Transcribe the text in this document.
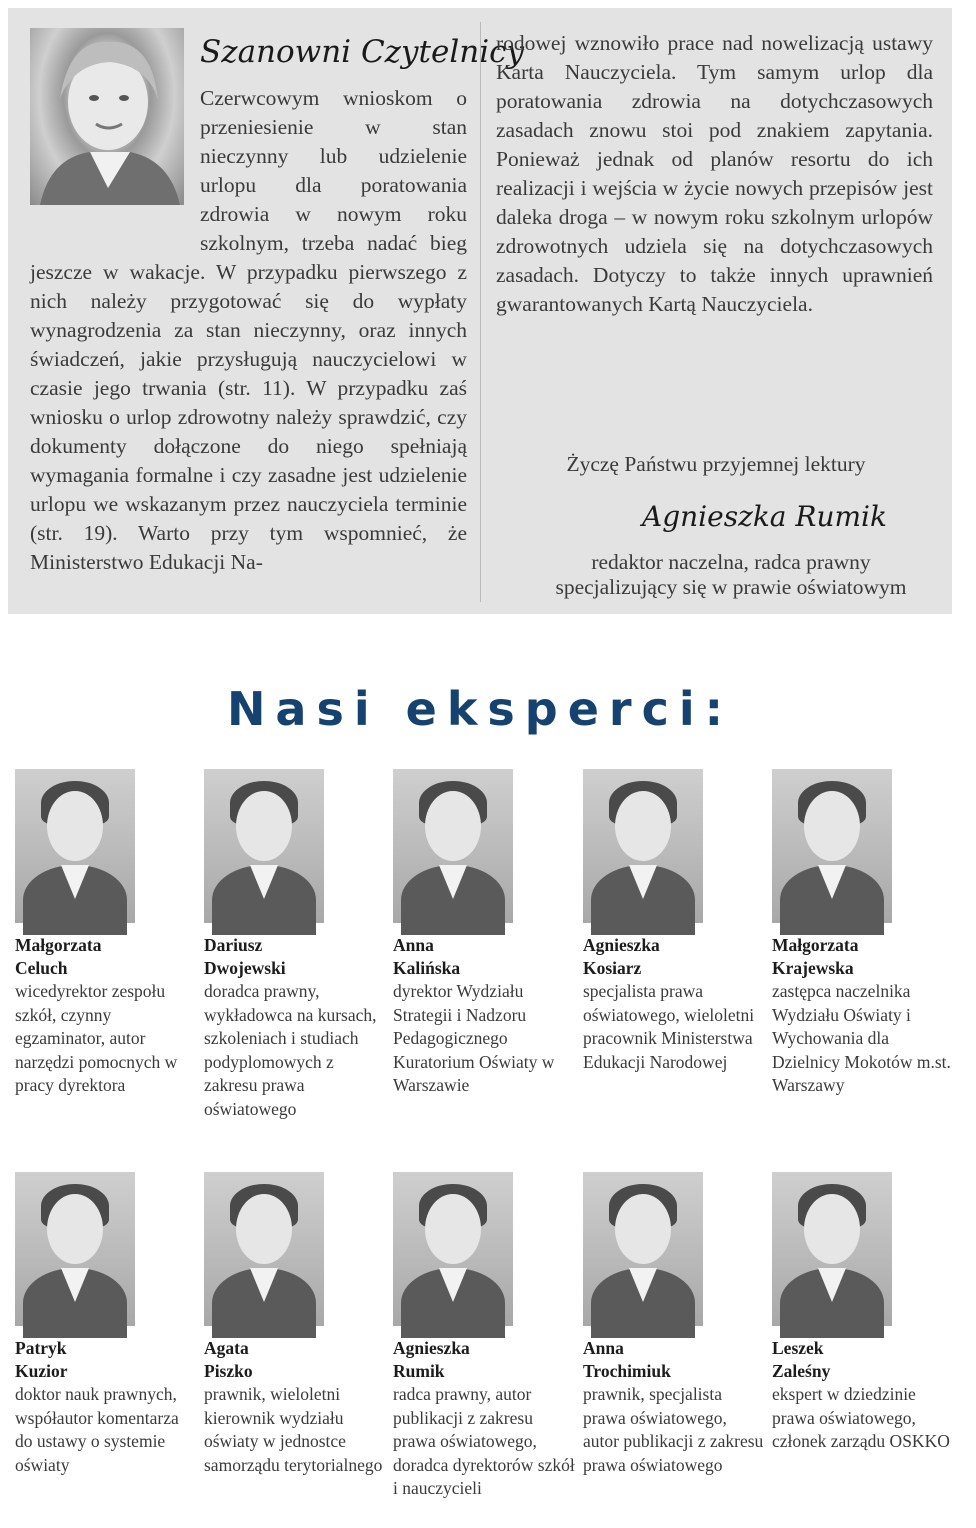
Szanowni Czytelnicy

Czerwcowym wnioskom o przeniesienie w stan nieczynny lub udzielenie urlopu dla poratowania zdrowia w nowym roku szkolnym, trzeba nadać bieg jeszcze w wakacje. W przypadku pierwszego z nich należy przygotować się do wypłaty wynagrodzenia za stan nieczynny, oraz innych świadczeń, jakie przysługują nauczycielowi w czasie jego trwania (str. 11). W przypadku zaś wniosku o urlop zdrowotny należy sprawdzić, czy dokumenty dołączone do niego spełniają wymagania formalne i czy zasadne jest udzielenie urlopu we wskazanym przez nauczyciela terminie (str. 19). Warto przy tym wspomnieć, że Ministerstwo Edukacji Na-

rodowej wznowiło prace nad nowelizacją ustawy Karta Nauczyciela. Tym samym urlop dla poratowania zdrowia na dotychczasowych zasadach znowu stoi pod znakiem zapytania. Ponieważ jednak od planów resortu do ich realizacji i wejścia w życie nowych przepisów jest daleka droga – w nowym roku szkolnym urlopów zdrowotnych udziela się na dotychczasowych zasadach. Dotyczy to także innych uprawnień gwarantowanych Kartą Nauczyciela.

Życzę Państwu przyjemnej lektury
Agnieszka Rumik
redaktor naczelna, radca prawny
specjalizujący się w prawie oświatowym
Nasi eksperci:
Małgorzata
Celuch

wicedyrektor zespołu szkół, czynny egzaminator, autor narzędzi pomocnych w pracy dyrektora

Dariusz
Dwojewski

doradca prawny, wykładowca na kursach, szkoleniach i studiach podyplomowych z zakresu prawa oświatowego

Anna
Kalińska

dyrektor Wydziału Strategii i Nadzoru Pedagogicznego Kuratorium Oświaty w Warszawie

Agnieszka
Kosiarz

specjalista prawa oświatowego, wieloletni pracownik Ministerstwa Edukacji Narodowej

Małgorzata
Krajewska

zastępca naczelnika Wydziału Oświaty i Wychowania dla Dzielnicy Mokotów m.st. Warszawy

Patryk
Kuzior

doktor nauk prawnych, współautor komentarza do ustawy o systemie oświaty

Agata
Piszko

prawnik, wieloletni kierownik wydziału oświaty w jednostce samorządu terytorialnego

Agnieszka
Rumik

radca prawny, autor publikacji z zakresu prawa oświatowego, doradca dyrektorów szkół i nauczycieli

Anna
Trochimiuk

prawnik, specjalista prawa oświatowego, autor publikacji z zakresu prawa oświatowego

Leszek
Zaleśny

ekspert w dziedzinie prawa oświatowego, członek zarządu OSKKO
